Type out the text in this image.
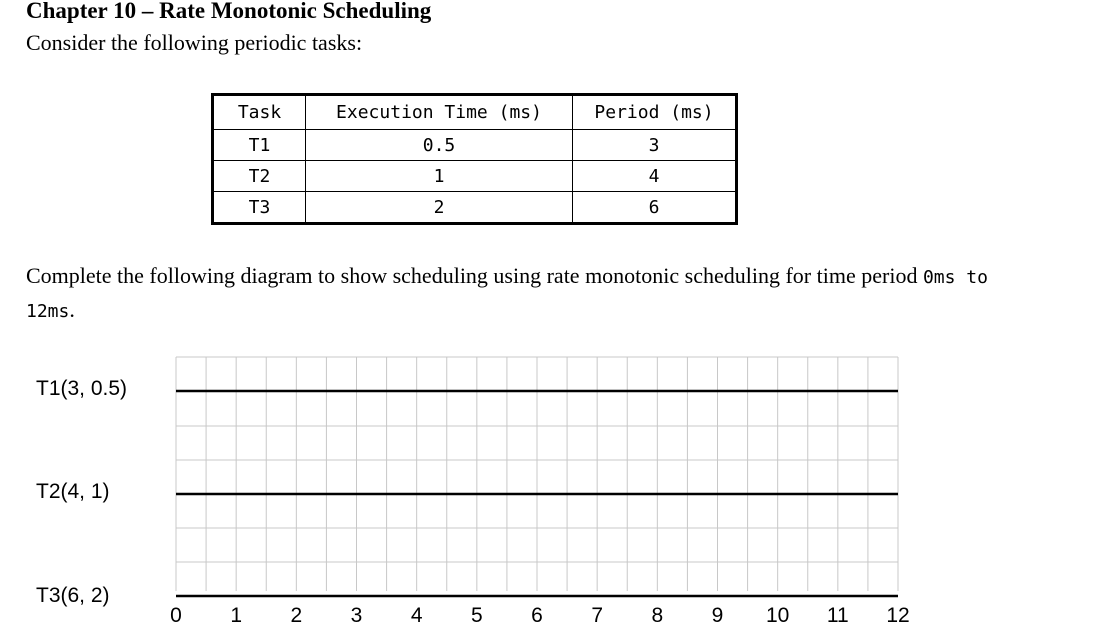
Chapter 10 – Rate Monotonic Scheduling
Consider the following periodic tasks:
Task	Execution Time (ms)	Period (ms)
T1	0.5	3
T2	1	4
T3	2	6
Complete the following diagram to show scheduling using rate monotonic scheduling for time period 0ms to 12ms.
T1(3, 0.5)
T2(4, 1)
T3(6, 2)
0 1 2 3 4 5 6 7 8 9 10 11 12
